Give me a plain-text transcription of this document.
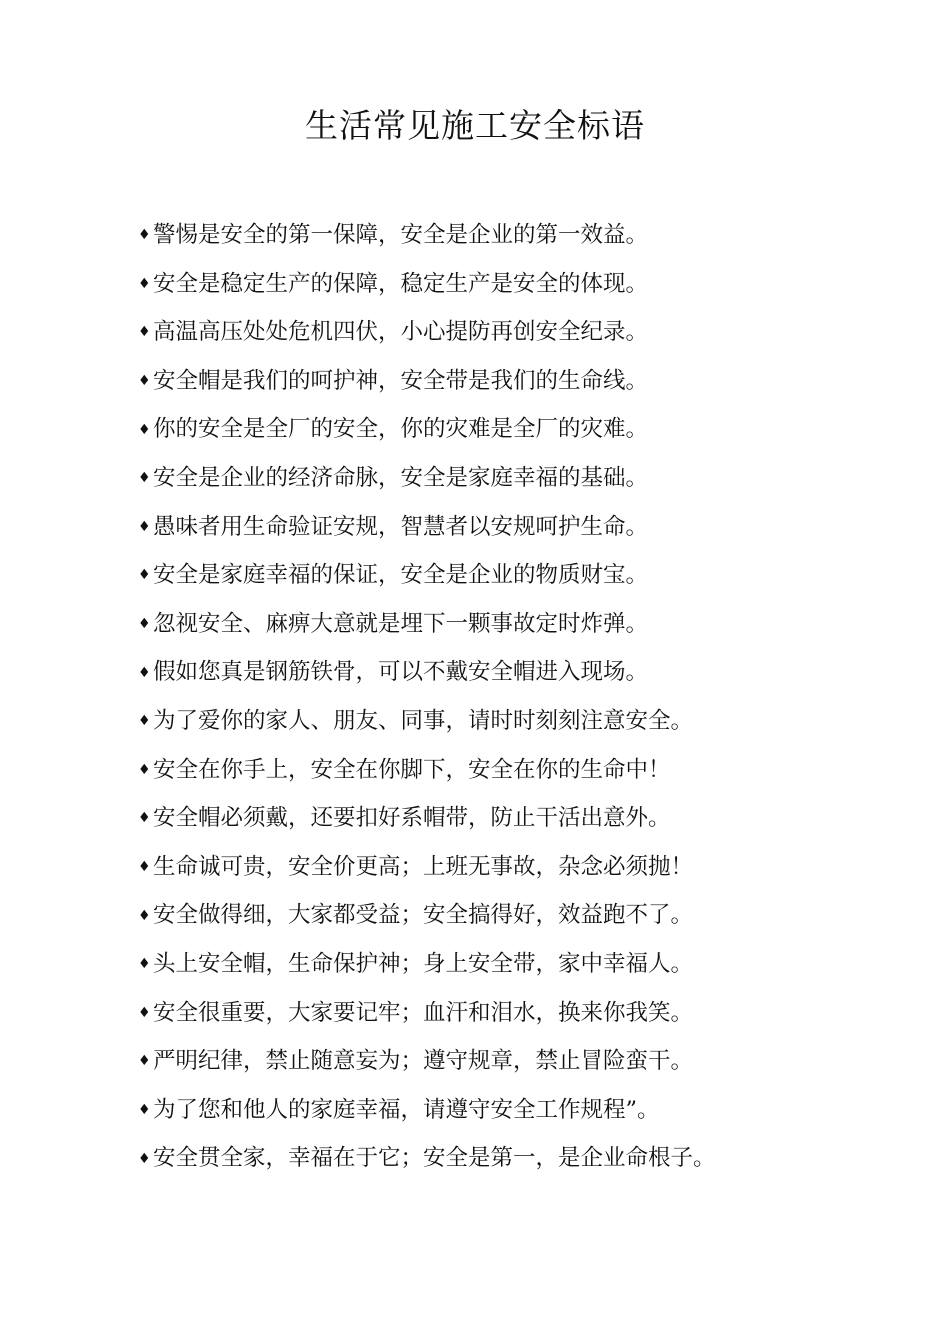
生活常见施工安全标语
♦ 警惕是安全的第一保障，安全是企业的第一效益。
♦ 安全是稳定生产的保障，稳定生产是安全的体现。
♦ 高温高压处处危机四伏，小心提防再创安全纪录。
♦ 安全帽是我们的呵护神，安全带是我们的生命线。
♦ 你的安全是全厂的安全，你的灾难是全厂的灾难。
♦ 安全是企业的经济命脉，安全是家庭幸福的基础。
♦ 愚味者用生命验证安规，智慧者以安规呵护生命。
♦ 安全是家庭幸福的保证，安全是企业的物质财宝。
♦ 忽视安全、麻痹大意就是埋下一颗事故定时炸弹。
♦ 假如您真是钢筋铁骨，可以不戴安全帽进入现场。
♦ 为了爱你的家人、朋友、同事，请时时刻刻注意安全。
♦ 安全在你手上，安全在你脚下，安全在你的生命中！
♦ 安全帽必须戴，还要扣好系帽带，防止干活出意外。
♦ 生命诚可贵，安全价更高；上班无事故，杂念必须抛！
♦ 安全做得细，大家都受益；安全搞得好，效益跑不了。
♦ 头上安全帽，生命保护神；身上安全带，家中幸福人。
♦ 安全很重要，大家要记牢；血汗和泪水，换来你我笑。
♦ 严明纪律，禁止随意妄为；遵守规章，禁止冒险蛮干。
♦ 为了您和他人的家庭幸福，请遵守安全工作规程”。
♦ 安全贯全家，幸福在于它；安全是第一，是企业命根子。
